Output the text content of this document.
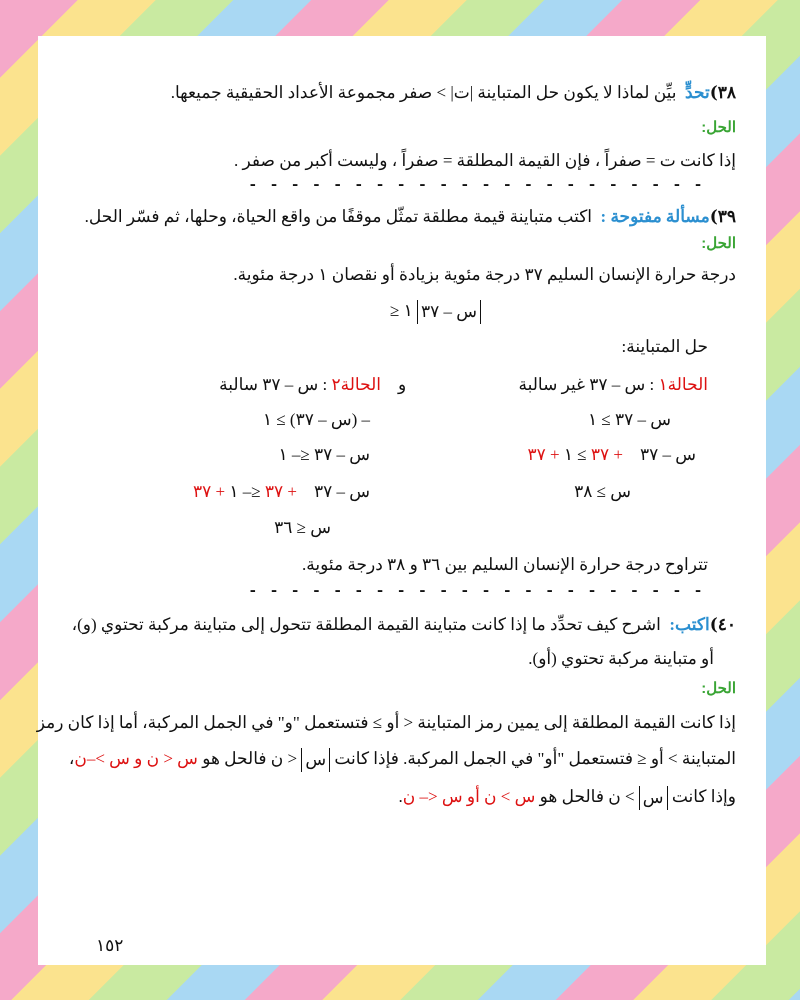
٣٨)تحدٍّ  بيِّن لماذا لا يكون حل المتباينة |ت| > صفر مجموعة الأعداد الحقيقية جميعها.
الحل:
إذا كانت ت = صفراً ، فإن القيمة المطلقة = صفراً ، وليست أكبر من صفر .
- - - - - - - - - - - - - - - - - - - - - -
٣٩)مسألة مفتوحة :  اكتب متباينة قيمة مطلقة تمثّل موقفًا من واقع الحياة، وحلها، ثم فسّر الحل.
الحل:
درجة حرارة الإنسان السليم ٣٧ درجة مئوية بزيادة أو نقصان ١ درجة مئوية.
≥ ١ س – ٣٧
حل المتباينة:
الحالة١ : س – ٣٧ غير سالبة
و
الحالة٢ : س – ٣٧ سالبة
س – ٣٧ ≥ ١
س – ٣٧    + ٣٧ ≥ ١ + ٣٧
س ≥ ٣٨
– (س – ٣٧) ≥ ١
س – ٣٧ ≤– ١
س – ٣٧    + ٣٧ ≤– ١ + ٣٧
س ≤ ٣٦
تتراوح درجة حرارة الإنسان السليم بين ٣٦ و ٣٨ درجة مئوية.
- - - - - - - - - - - - - - - - - - - - - -
٤٠)اكتب:  اشرح كيف تحدِّد ما إذا كانت متباينة القيمة المطلقة تتحول إلى متباينة مركبة تحتوي (و)،
أو متباينة مركبة تحتوي (أو).
الحل:
إذا كانت القيمة المطلقة إلى يمين رمز المتباينة < أو ≥ فتستعمل "و" في الجمل المركبة، أما إذا كان رمز
المتباينة > أو ≤ فتستعمل "أو" في الجمل المركبة. فإذا كانت س < ن فالحل هو س < ن و س >–ن،
وإذا كانت س > ن فالحل هو س > ن أو س <– ن.
١٥٢
